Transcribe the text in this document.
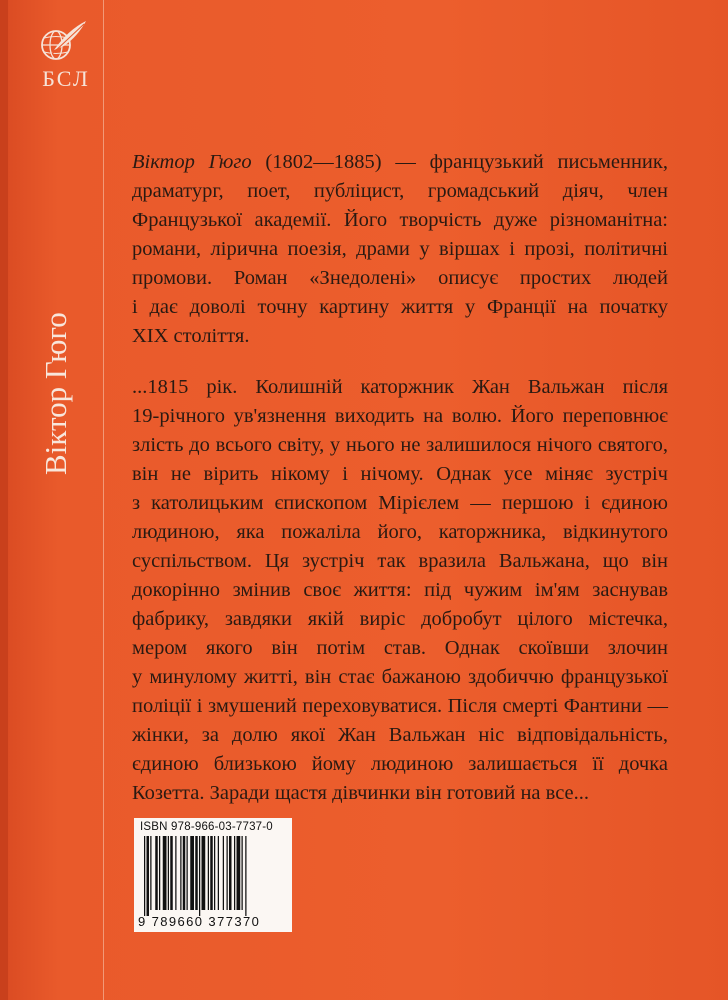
БСЛ
Віктор Гюго
Віктор Гюго (1802—1885) — французький письменник,
драматург, поет, публіцист, громадський діяч, член
Французької академії. Його творчість дуже різноманітна:
романи, лірична поезія, драми у віршах і прозі, політичні
промови. Роман «Знедолені» описує простих людей
і дає доволі точну картину життя у Франції на початку
XIX століття.
...1815 рік. Колишній каторжник Жан Вальжан після
19-річного ув'язнення виходить на волю. Його переповнює
злість до всього світу, у нього не залишилося нічого святого,
він не вірить нікому і нічому. Однак усе міняє зустріч
з католицьким єпископом Мірієлем — першою і єдиною
людиною, яка пожаліла його, каторжника, відкинутого
суспільством. Ця зустріч так вразила Вальжана, що він
докорінно змінив своє життя: під чужим ім'ям заснував
фабрику, завдяки якій виріс добробут цілого містечка,
мером якого він потім став. Однак скоївши злочин
у минулому житті, він стає бажаною здобиччю французької
поліції і змушений переховуватися. Після смерті Фантини —
жінки, за долю якої Жан Вальжан ніс відповідальність,
єдиною близькою йому людиною залишається її дочка
Козетта. Заради щастя дівчинки він готовий на все...
ISBN 978-966-03-7737-0
9 789660 377370
